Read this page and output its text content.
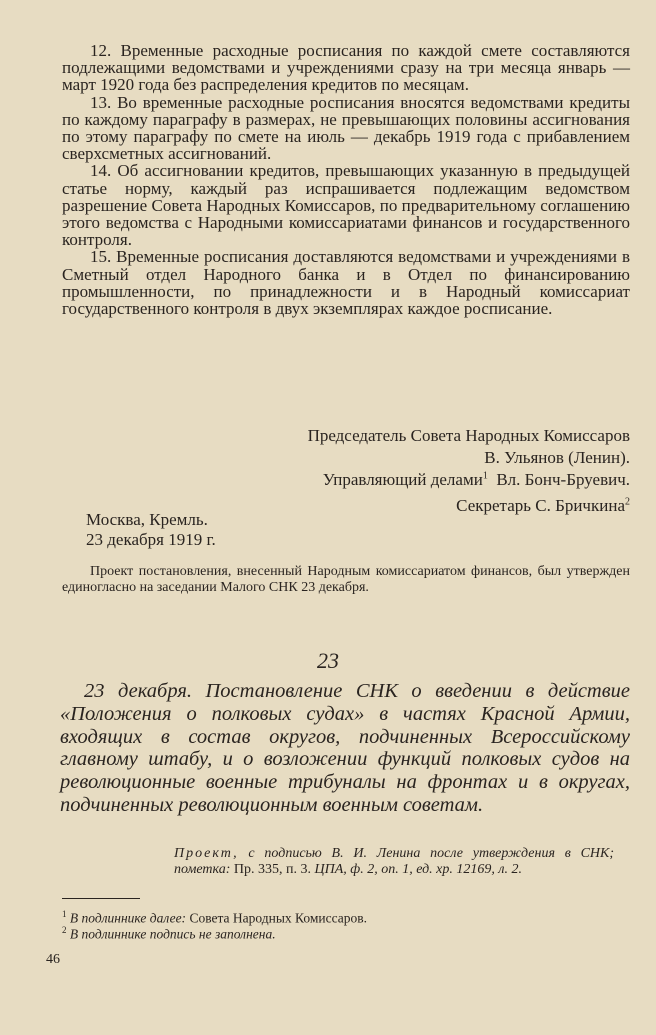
12. Временные расходные росписания по каждой смете составляются подлежащими ведомствами и учреждениями сразу на три месяца январь — март 1920 года без распределения кредитов по месяцам.

13. Во временные расходные росписания вносятся ведомствами кредиты по каждому параграфу в размерах, не превышающих половины ассигнования по этому параграфу по смете на июль — декабрь 1919 года с прибавлением сверхсметных ассигнований.

14. Об ассигновании кредитов, превышающих указанную в предыдущей статье норму, каждый раз испрашивается подлежащим ведомством разрешение Совета Народных Комиссаров, по предварительному соглашению этого ведомства с Народными комиссариатами финансов и государственного контроля.

15. Временные росписания доставляются ведомствами и учреждениями в Сметный отдел Народного банка и в Отдел по финансированию промышленности, по принадлежности и в Народный комиссариат государственного контроля в двух экземплярах каждое росписание.

Председатель Совета Народных Комиссаров
В. Ульянов (Ленин).
Управляющий делами$^1$ Вл. Бонч-Бруевич.
Секретарь С. Бричкина$^2$
Москва, Кремль.
23 декабря 1919 г.
Проект постановления, внесенный Народным комиссариатом финансов, был утвержден единогласно на заседании Малого СНК 23 декабря.
23
23 декабря. Постановление СНК о введении в действие «Положения о полковых судах» в частях Красной Армии, входящих в состав округов, подчиненных Всероссийскому главному штабу, и о возложении функций полковых судов на революционные военные трибуналы на фронтах и в округах, подчиненных революционным военным советам.
Проект, с подписью В. И. Ленина после утверждения в СНК; пометка: Пр. 335, п. 3. ЦПА, ф. 2, оп. 1, ед. хр. 12169, л. 2.
$^1$ В подлиннике далее: Совета Народных Комиссаров.
$^2$ В подлиннике подпись не заполнена.
46
